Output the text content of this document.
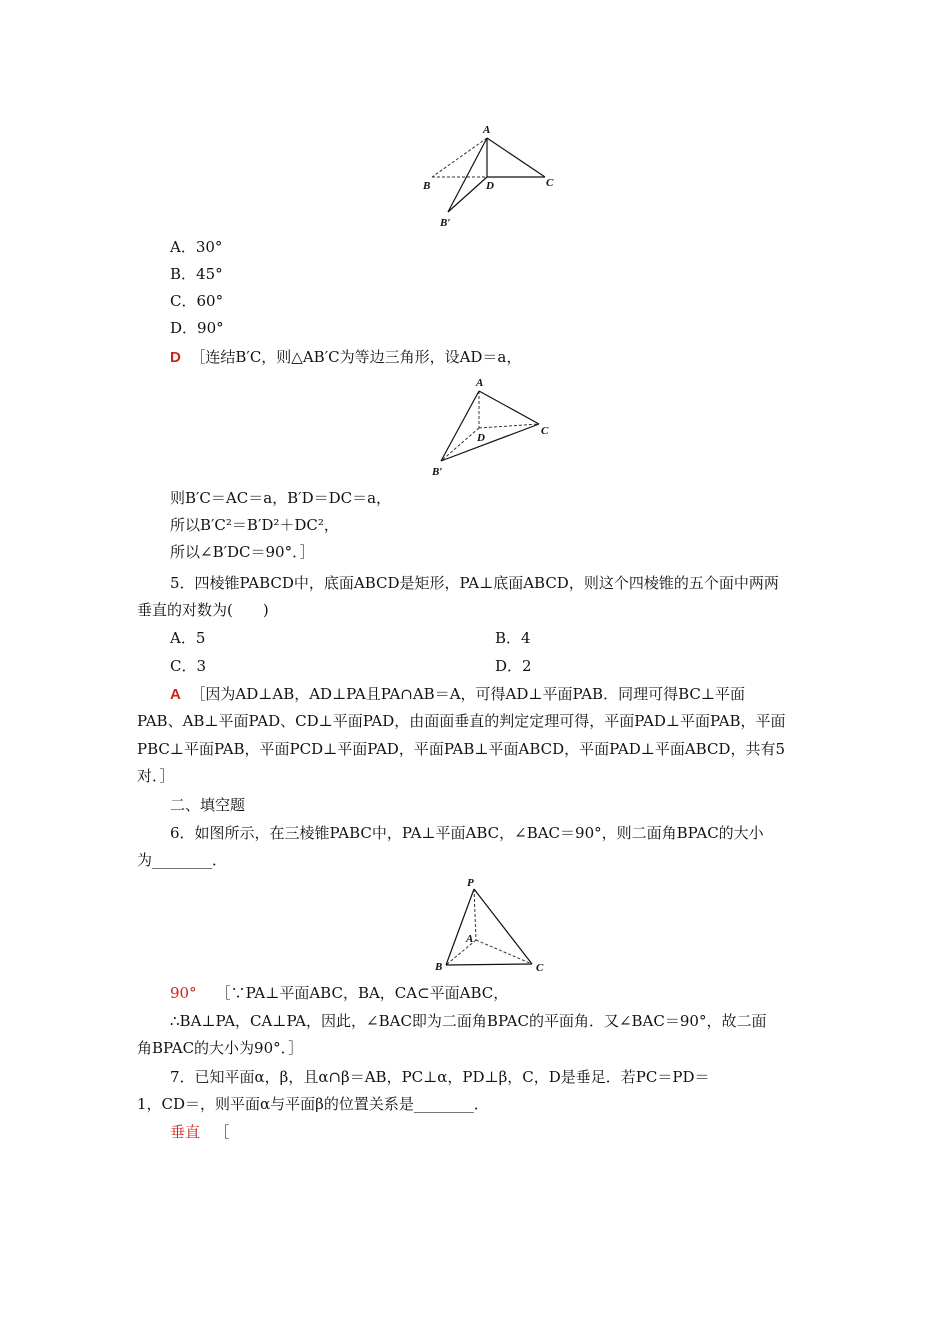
A
B	D	C
B′
A．30°
B．45°
C．60°
D．90°
D ［连结B′C，则△AB′C为等边三角形，设AD＝a，
A
D
C
B′
则B′C＝AC＝a，B′D＝DC＝a，
所以B′C²＝B′D²＋DC²，
所以∠B′DC＝90°．］
5．四棱锥PABCD中，底面ABCD是矩形，PA⊥底面ABCD，则这个四棱锥的五个面中两两
垂直的对数为(　　)
A．5	B．4
C．3	D．2
A ［因为AD⊥AB，AD⊥PA且PA∩AB＝A，可得AD⊥平面PAB．同理可得BC⊥平面
PAB、AB⊥平面PAD、CD⊥平面PAD，由面面垂直的判定定理可得，平面PAD⊥平面PAB，平面
PBC⊥平面PAB，平面PCD⊥平面PAD，平面PAB⊥平面ABCD，平面PAD⊥平面ABCD，共有5
对．］
二、填空题
6．如图所示，在三棱锥PABC中，PA⊥平面ABC，∠BAC＝90°，则二面角BPAC的大小
为________．
P
A
B	C
90° ［∵PA⊥平面ABC，BA，CA⊂平面ABC，
∴BA⊥PA，CA⊥PA，因此，∠BAC即为二面角BPAC的平面角．又∠BAC＝90°，故二面
角BPAC的大小为90°．］
7．已知平面α，β，且α∩β＝AB，PC⊥α，PD⊥β，C，D是垂足．若PC＝PD＝
1，CD＝，则平面α与平面β的位置关系是________．
垂直 ［
